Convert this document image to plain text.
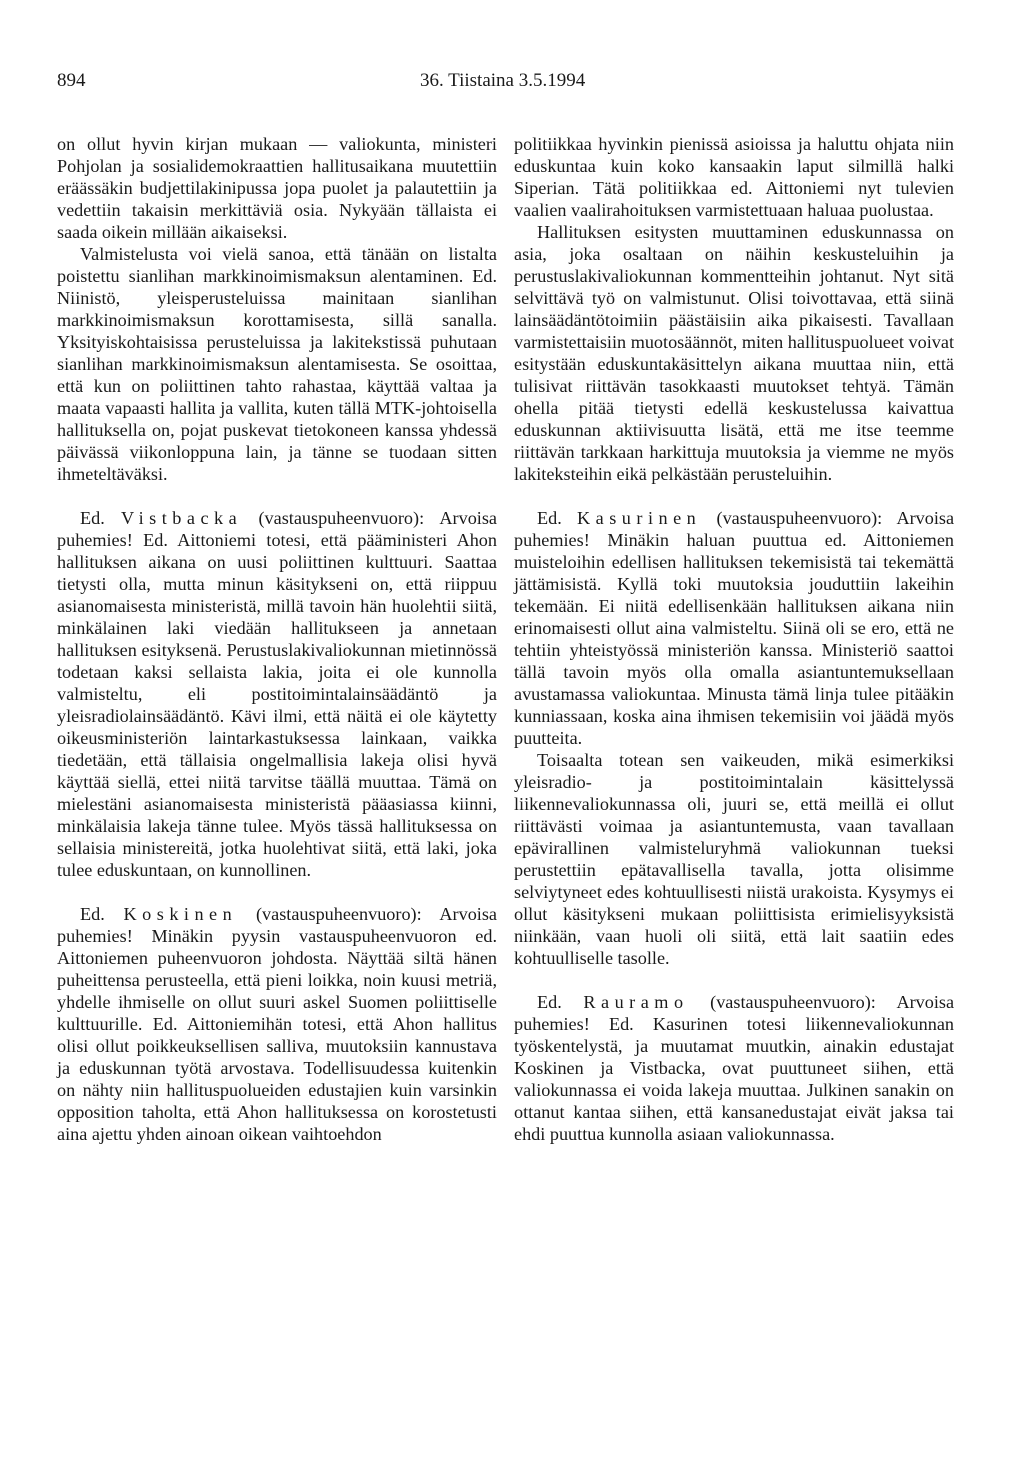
894	36. Tiistaina 3.5.1994

on ollut hyvin kirjan mukaan — valiokunta, ministeri Pohjolan ja sosialidemokraattien hallitusaikana muutettiin eräässäkin budjettilakinipussa jopa puolet ja palautettiin ja vedettiin takaisin merkittäviä osia. Nykyään tällaista ei saada oikein millään aikaiseksi.

Valmistelusta voi vielä sanoa, että tänään on listalta poistettu sianlihan markkinoimismaksun alentaminen. Ed. Niinistö, yleisperusteluissa mainitaan sianlihan markkinoimismaksun korottamisesta, sillä sanalla. Yksityiskohtaisissa perusteluissa ja lakitekstissä puhutaan sianlihan markkinoimismaksun alentamisesta. Se osoittaa, että kun on poliittinen tahto rahastaa, käyttää valtaa ja maata vapaasti hallita ja vallita, kuten tällä MTK-johtoisella hallituksella on, pojat puskevat tietokoneen kanssa yhdessä päivässä viikonloppuna lain, ja tänne se tuodaan sitten ihmeteltäväksi.

Ed. Vistbacka (vastauspuheenvuoro): Arvoisa puhemies! Ed. Aittoniemi totesi, että pääministeri Ahon hallituksen aikana on uusi poliittinen kulttuuri. Saattaa tietysti olla, mutta minun käsitykseni on, että riippuu asianomaisesta ministeristä, millä tavoin hän huolehtii siitä, minkälainen laki viedään hallitukseen ja annetaan hallituksen esityksenä. Perustuslakivaliokunnan mietinnössä todetaan kaksi sellaista lakia, joita ei ole kunnolla valmisteltu, eli postitoimintalainsäädäntö ja yleisradiolainsäädäntö. Kävi ilmi, että näitä ei ole käytetty oikeusministeriön laintarkastuksessa lainkaan, vaikka tiedetään, että tällaisia ongelmallisia lakeja olisi hyvä käyttää siellä, ettei niitä tarvitse täällä muuttaa. Tämä on mielestäni asianomaisesta ministeristä pääasiassa kiinni, minkälaisia lakeja tänne tulee. Myös tässä hallituksessa on sellaisia ministereitä, jotka huolehtivat siitä, että laki, joka tulee eduskuntaan, on kunnollinen.

Ed. Koskinen (vastauspuheenvuoro): Arvoisa puhemies! Minäkin pyysin vastauspuheenvuoron ed. Aittoniemen puheenvuoron johdosta. Näyttää siltä hänen puheittensa perusteella, että pieni loikka, noin kuusi metriä, yhdelle ihmiselle on ollut suuri askel Suomen poliittiselle kulttuurille. Ed. Aittoniemihän totesi, että Ahon hallitus olisi ollut poikkeuksellisen salliva, muutoksiin kannustava ja eduskunnan työtä arvostava. Todellisuudessa kuitenkin on nähty niin hallituspuolueiden edustajien kuin varsinkin opposition taholta, että Ahon hallituksessa on korostetusti aina ajettu yhden ainoan oikean vaihtoehdon

politiikkaa hyvinkin pienissä asioissa ja haluttu ohjata niin eduskuntaa kuin koko kansaakin laput silmillä halki Siperian. Tätä politiikkaa ed. Aittoniemi nyt tulevien vaalien vaalirahoituksen varmistettuaan haluaa puolustaa.

Hallituksen esitysten muuttaminen eduskunnassa on asia, joka osaltaan on näihin keskusteluihin ja perustuslakivaliokunnan kommentteihin johtanut. Nyt sitä selvittävä työ on valmistunut. Olisi toivottavaa, että siinä lainsäädäntötoimiin päästäisiin aika pikaisesti. Tavallaan varmistettaisiin muotosäännöt, miten hallituspuolueet voivat esitystään eduskuntakäsittelyn aikana muuttaa niin, että tulisivat riittävän tasokkaasti muutokset tehtyä. Tämän ohella pitää tietysti edellä keskustelussa kaivattua eduskunnan aktiivisuutta lisätä, että me itse teemme riittävän tarkkaan harkittuja muutoksia ja viemme ne myös lakiteksteihin eikä pelkästään perusteluihin.

Ed. Kasurinen (vastauspuheenvuoro): Arvoisa puhemies! Minäkin haluan puuttua ed. Aittoniemen muisteloihin edellisen hallituksen tekemisistä tai tekemättä jättämisistä. Kyllä toki muutoksia jouduttiin lakeihin tekemään. Ei niitä edellisenkään hallituksen aikana niin erinomaisesti ollut aina valmisteltu. Siinä oli se ero, että ne tehtiin yhteistyössä ministeriön kanssa. Ministeriö saattoi tällä tavoin myös olla omalla asiantuntemuksellaan avustamassa valiokuntaa. Minusta tämä linja tulee pitääkin kunniassaan, koska aina ihmisen tekemisiin voi jäädä myös puutteita.

Toisaalta totean sen vaikeuden, mikä esimerkiksi yleisradio- ja postitoimintalain käsittelyssä liikennevaliokunnassa oli, juuri se, että meillä ei ollut riittävästi voimaa ja asiantuntemusta, vaan tavallaan epävirallinen valmisteluryhmä valiokunnan tueksi perustettiin epätavallisella tavalla, jotta olisimme selviytyneet edes kohtuullisesti niistä urakoista. Kysymys ei ollut käsitykseni mukaan poliittisista erimielisyyksistä niinkään, vaan huoli oli siitä, että lait saatiin edes kohtuulliselle tasolle.

Ed. Rauramo (vastauspuheenvuoro): Arvoisa puhemies! Ed. Kasurinen totesi liikennevaliokunnan työskentelystä, ja muutamat muutkin, ainakin edustajat Koskinen ja Vistbacka, ovat puuttuneet siihen, että valiokunnassa ei voida lakeja muuttaa. Julkinen sanakin on ottanut kantaa siihen, että kansanedustajat eivät jaksa tai ehdi puuttua kunnolla asiaan valiokunnassa.
